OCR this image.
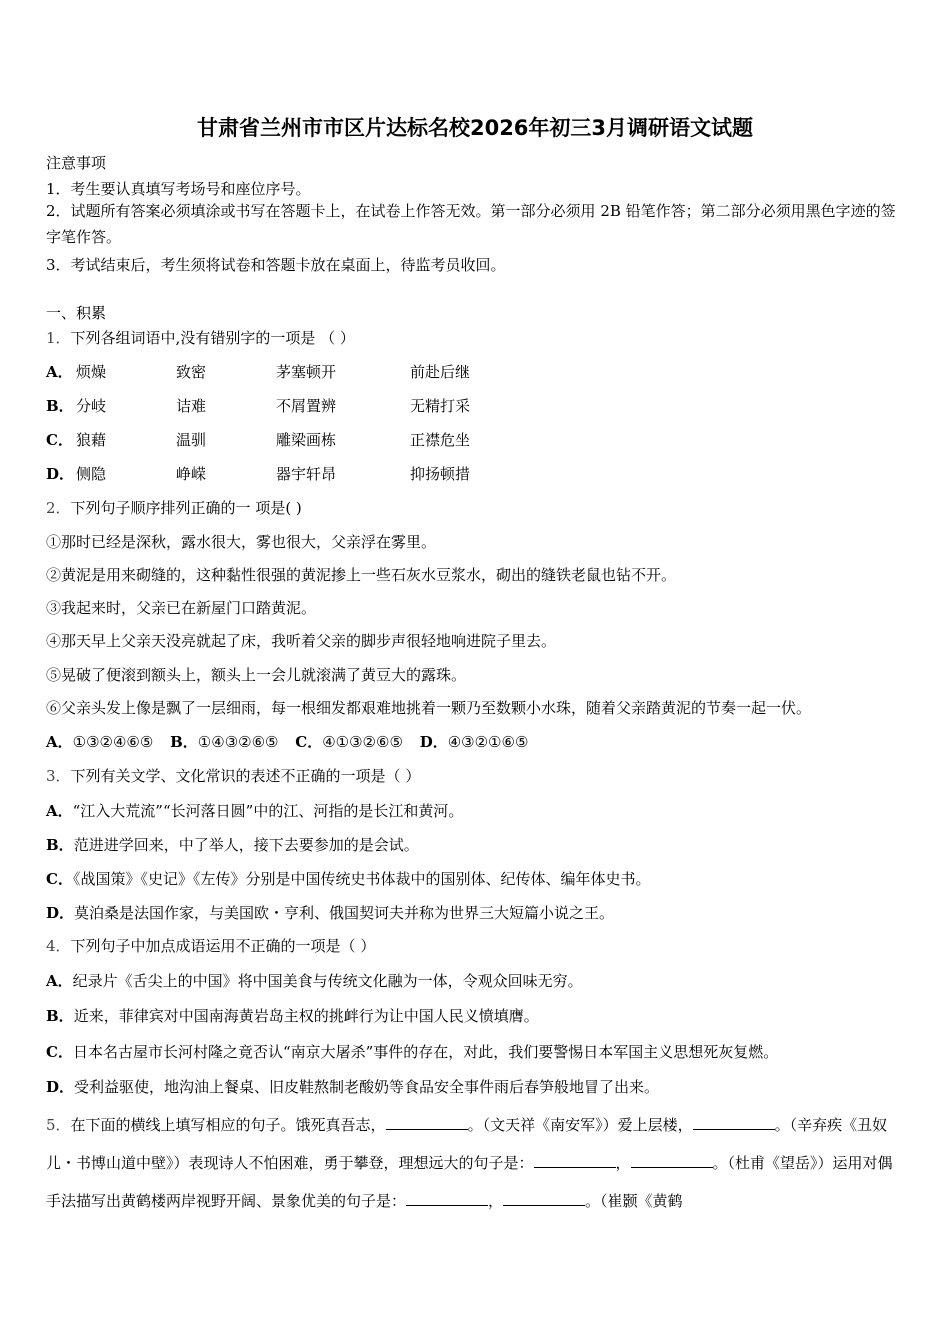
甘肃省兰州市市区片达标名校2026年初三3月调研语文试题
注意事项
1．考生要认真填写考场号和座位序号。
2．试题所有答案必须填涂或书写在答题卡上，在试卷上作答无效。第一部分必须用 2B 铅笔作答；第二部分必须用黑色字迹的签字笔作答。
3．考试结束后，考生须将试卷和答题卡放在桌面上，待监考员收回。
一、积累
1．下列各组词语中,没有错别字的一项是 （ ）
A． 烦燥	致密	茅塞顿开	前赴后继
B． 分岐	诘难	不屑置辨	无精打采
C． 狼藉	温驯	雕梁画栋	正襟危坐
D． 侧隐	峥嵘	器宇轩昂	抑扬顿措
2．下列句子顺序排列正确的一 项是( )
①那时已经是深秋，露水很大，雾也很大，父亲浮在雾里。
②黄泥是用来砌缝的，这种黏性很强的黄泥掺上一些石灰水豆浆水，砌出的缝铁老鼠也钻不开。
③我起来时，父亲已在新屋门口踏黄泥。
④那天早上父亲天没亮就起了床，我听着父亲的脚步声很轻地响进院子里去。
⑤晃破了便滚到额头上，额头上一会儿就滚满了黄豆大的露珠。
⑥父亲头发上像是飘了一层细雨，每一根细发都艰难地挑着一颗乃至数颗小水珠，随着父亲踏黄泥的节奏一起一伏。
A．①③②④⑥⑤ B．①④③②⑥⑤ C．④①③②⑥⑤ D．④③②①⑥⑤
3．下列有关文学、文化常识的表述不正确的一项是（ ）
A．“江入大荒流”“长河落日圆”中的江、河指的是长江和黄河。
B．范进进学回来，中了举人，接下去要参加的是会试。
C．《战国策》《史记》《左传》分别是中国传统史书体裁中的国别体、纪传体、编年体史书。
D．莫泊桑是法国作家，与美国欧・亨利、俄国契诃夫并称为世界三大短篇小说之王。
4．下列句子中加点成语运用不正确的一项是（ ）
A．纪录片《舌尖上的中国》将中国美食与传统文化融为一体，令观众回味无穷。
B．近来，菲律宾对中国南海黄岩岛主权的挑衅行为让中国人民义愤填膺。
C．日本名古屋市长河村隆之竟否认“南京大屠杀”事件的存在，对此，我们要警惕日本军国主义思想死灰复燃。
D．受利益驱使，地沟油上餐桌、旧皮鞋熬制老酸奶等食品安全事件雨后春笋般地冒了出来。
5．在下面的横线上填写相应的句子。饿死真吾志，	。（文天祥《南安军》）爱上层楼，	。（辛弃疾《丑奴儿・书博山道中壁》）表现诗人不怕困难，勇于攀登，理想远大的句子是：	，	。（杜甫《望岳》）运用对偶手法描写出黄鹤楼两岸视野开阔、景象优美的句子是：	，	。（崔颢《黄鹤
